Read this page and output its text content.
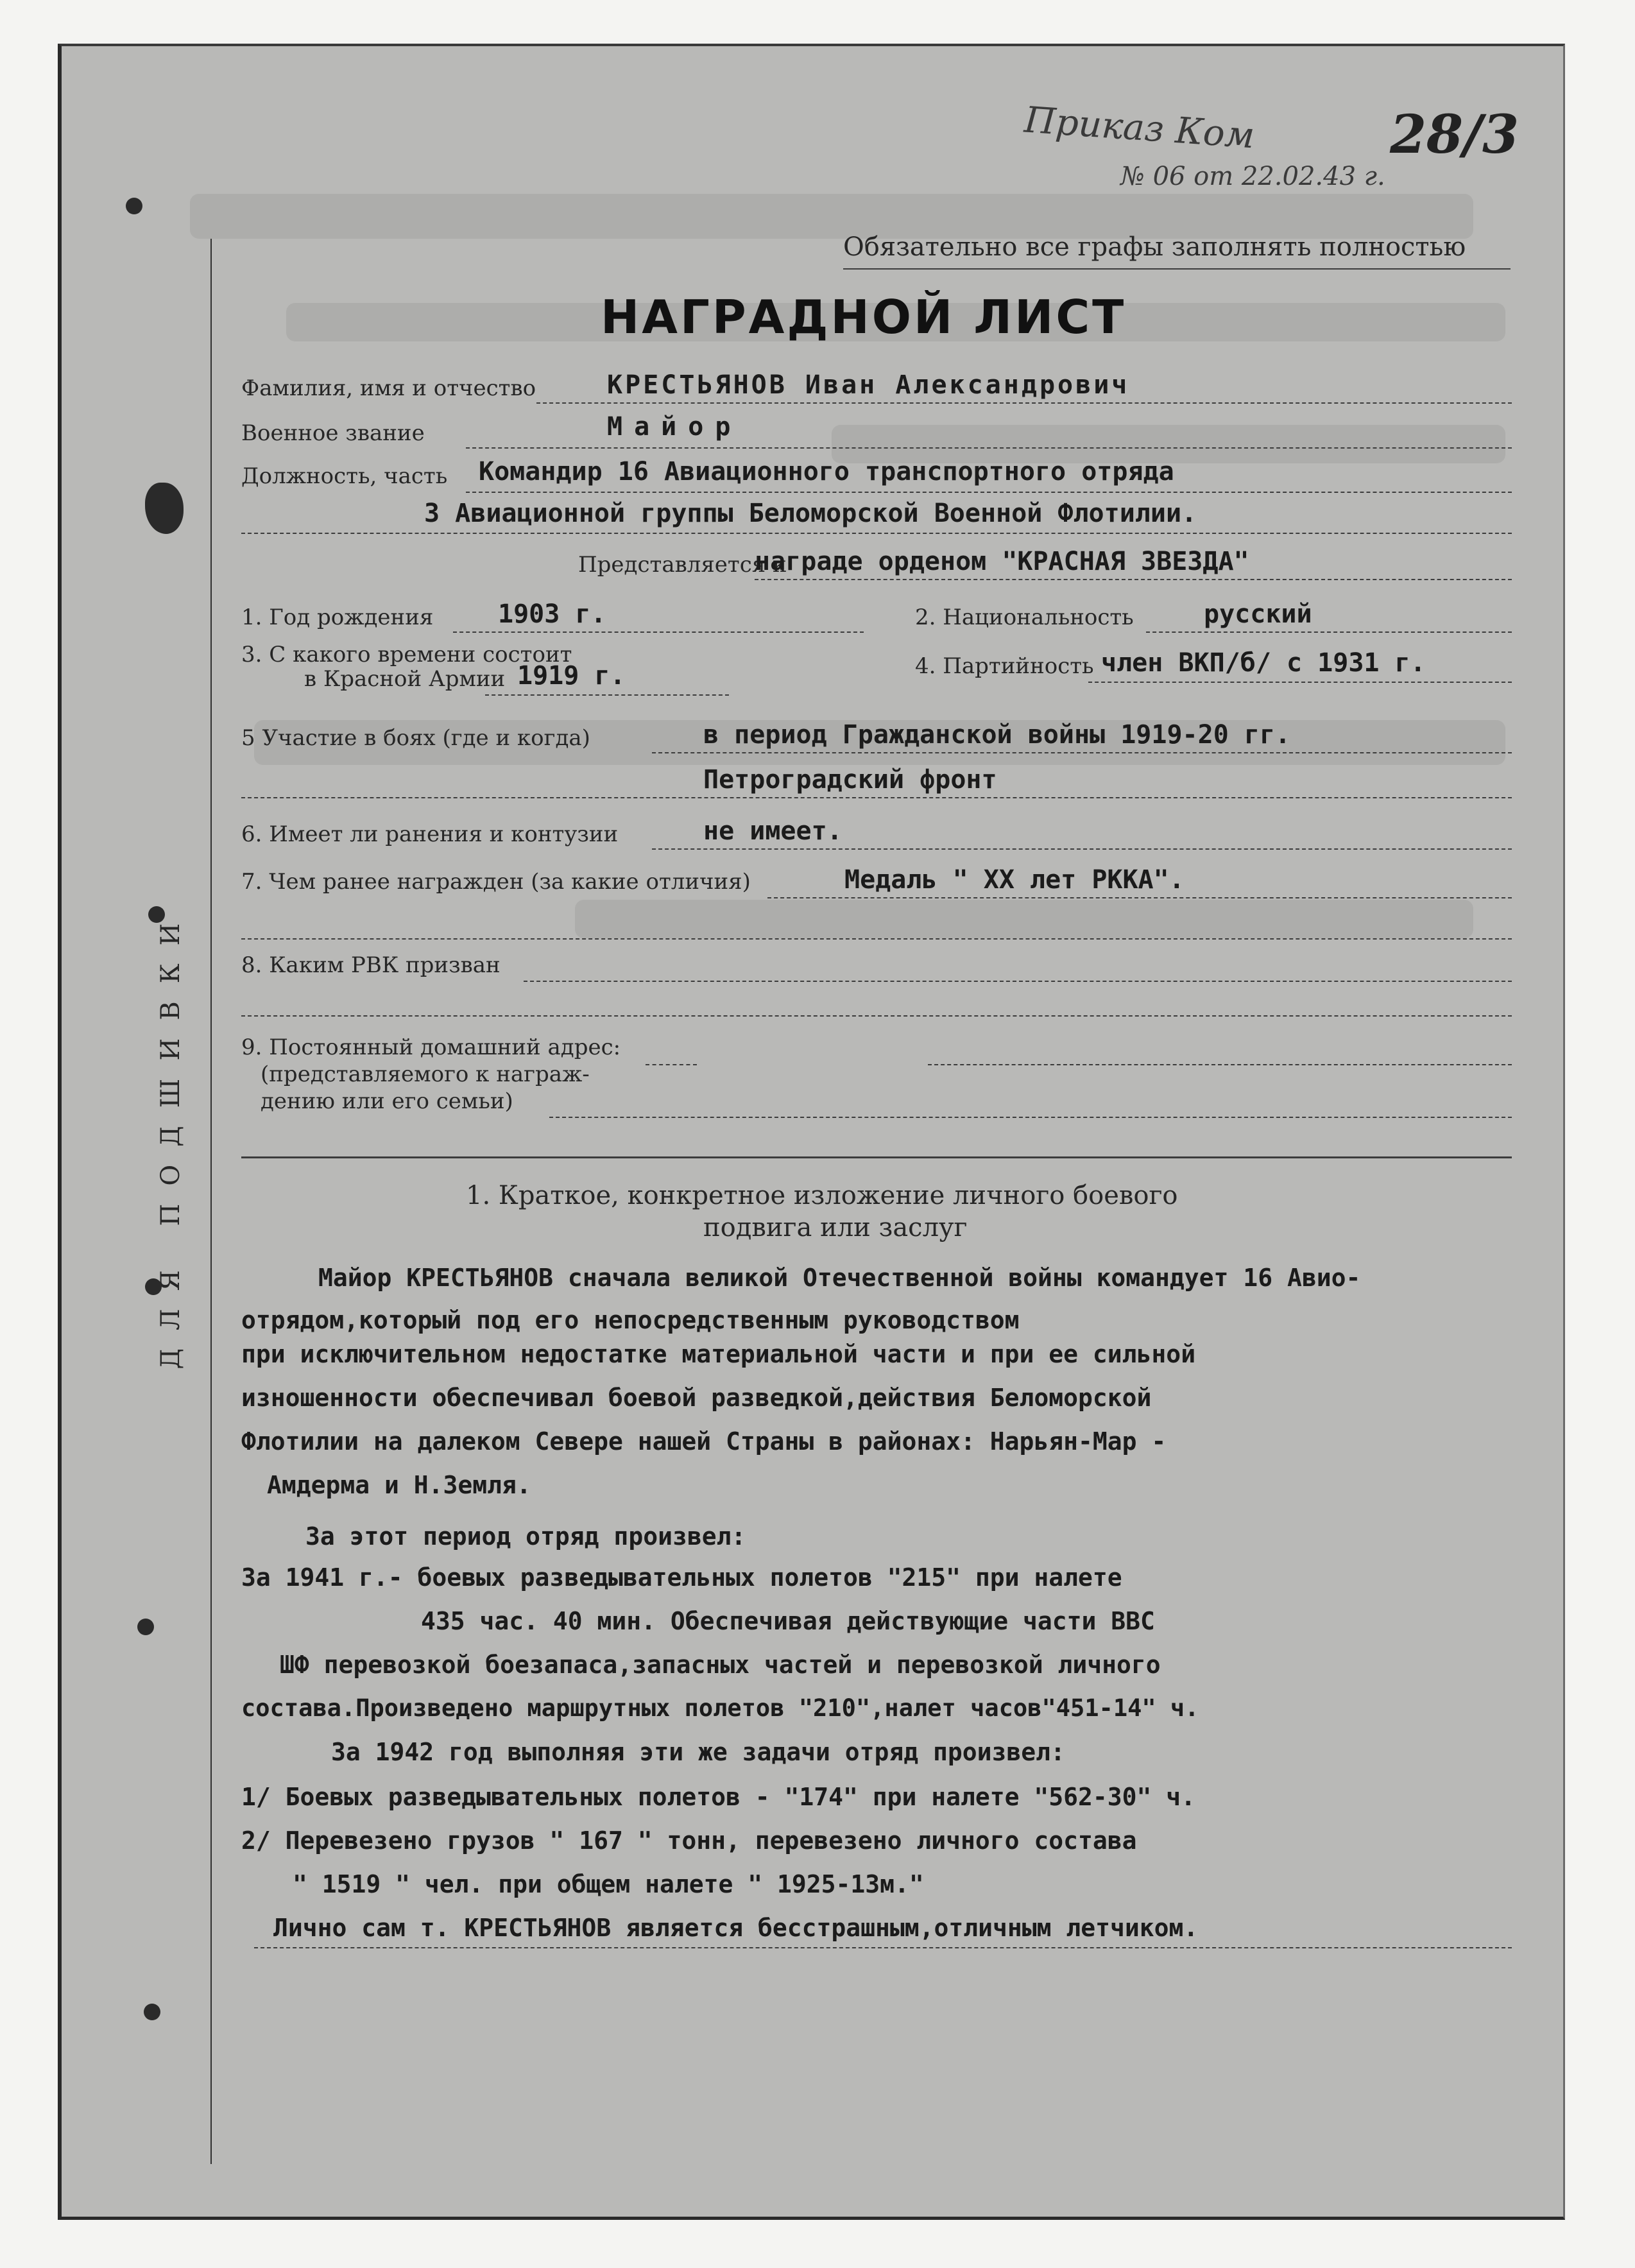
ДЛЯ ПОДШИВКИ
Приказ Ком
№ 06 от 22.02.43 г.
28/3
Обязательно все графы заполнять полностью
НАГРАДНОЙ ЛИСТ
Фамилия, имя и отчество	КРЕСТЬЯНОВ Иван Александрович
Военное звание	Майор
Должность, часть Командир 16 Авиационного транспортного отряда
3 Авиационной группы Беломорской Военной Флотилии.
Представляется к
награде орденом "КРАСНАЯ ЗВЕЗДА"
1. Год рождения	1903 г.	2. Национальность	русский
3. С какого времени состоит
в Красной Армии 1919 г.	4. Партийность член ВКП/б/ с 1931 г.
5 Участие в боях (где и когда)	в период Гражданской войны 1919-20 гг.
Петроградский фронт
6. Имеет ли ранения и контузии	не имеет.
7. Чем ранее награжден (за какие отличия)	Медаль " ХХ лет РККА".
8. Каким РВК призван
9. Постоянный домашний адрес:
(представляемого к награж-
дению или его семьи)
1. Краткое, конкретное изложение личного боевого
подвига или заслуг
Майор КРЕСТЬЯНОВ сначала великой Отечественной войны командует 16 Авио-отрядом,который под его непосредственным руководством
при исключительном недостатке материальной части и при ее сильной
изношенности обеспечивал боевой разведкой,действия Беломорской
Флотилии на далеком Севере нашей Страны в районах: Нарьян-Мар -
Амдерма и Н.Земля.
За этот период отряд произвел:
За 1941 г.- боевых разведывательных полетов "215" при налете
435 час. 40 мин. Обеспечивая действующие части ВВС
ШФ перевозкой боезапаса,запасных частей и перевозкой личного
состава.Произведено маршрутных полетов "210",налет часов"451-14" ч.
За 1942 год выполняя эти же задачи отряд произвел:
1/ Боевых разведывательных полетов - "174" при налете "562-30" ч.
2/ Перевезено грузов " 167 " тонн, перевезено личного состава
" 1519 " чел. при общем налете " 1925-13м."
Лично сам т. КРЕСТЬЯНОВ является бесстрашным,отличным летчиком.
